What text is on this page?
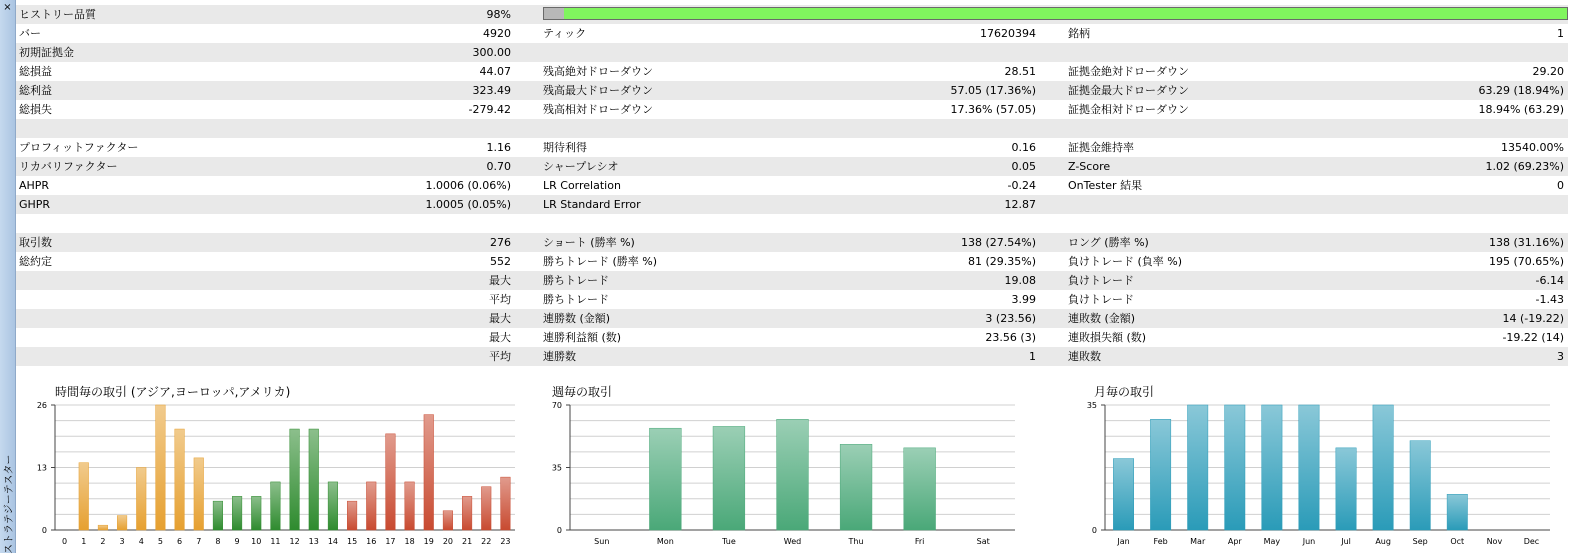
×
ストラテジーテスター
ヒストリー品質	98%
バー	4920	ティック	17620394	銘柄	1
初期証拠金	300.00
総損益	44.07	残高絶対ドローダウン	28.51	証拠金絶対ドローダウン	29.20
総利益	323.49	残高最大ドローダウン	57.05 (17.36%)	証拠金最大ドローダウン	63.29 (18.94%)
総損失	-279.42	残高相対ドローダウン	17.36% (57.05)	証拠金相対ドローダウン	18.94% (63.29)
プロフィットファクター	1.16	期待利得	0.16	証拠金維持率	13540.00%
リカバリファクター	0.70	シャープレシオ	0.05	Z-Score	1.02 (69.23%)
AHPR	1.0006 (0.06%)	LR Correlation	-0.24	OnTester 結果	0
GHPR	1.0005 (0.05%)	LR Standard Error	12.87
取引数	276	ショート (勝率 %)	138 (27.54%)	ロング (勝率 %)	138 (31.16%)
総約定	552	勝ちトレード (勝率 %)	81 (29.35%)	負けトレード (負率 %)	195 (70.65%)
最大	勝ちトレード	19.08	負けトレード	-6.14
平均	勝ちトレード	3.99	負けトレード	-1.43
最大	連勝数 (金額)	3 (23.56)	連敗数 (金額)	14 (-19.22)
最大	連勝利益額 (数)	23.56 (3)	連敗損失額 (数)	-19.22 (14)
平均	連勝数	1	連敗数	3
時間毎の取引 (アジア,ヨーロッパ,アメリカ)
0
13
26
0 1 2 3 4 5 6 7 8 9 10 11 12 13 14 15 16 17 18 19 20 21 22 23
週毎の取引
0
35
70
Sun	Mon	Tue	Wed	Thu	Fri	Sat
月毎の取引
0
35
Jan	Feb	Mar	Apr	May	Jun	Jul	Aug	Sep	Oct	Nov	Dec
